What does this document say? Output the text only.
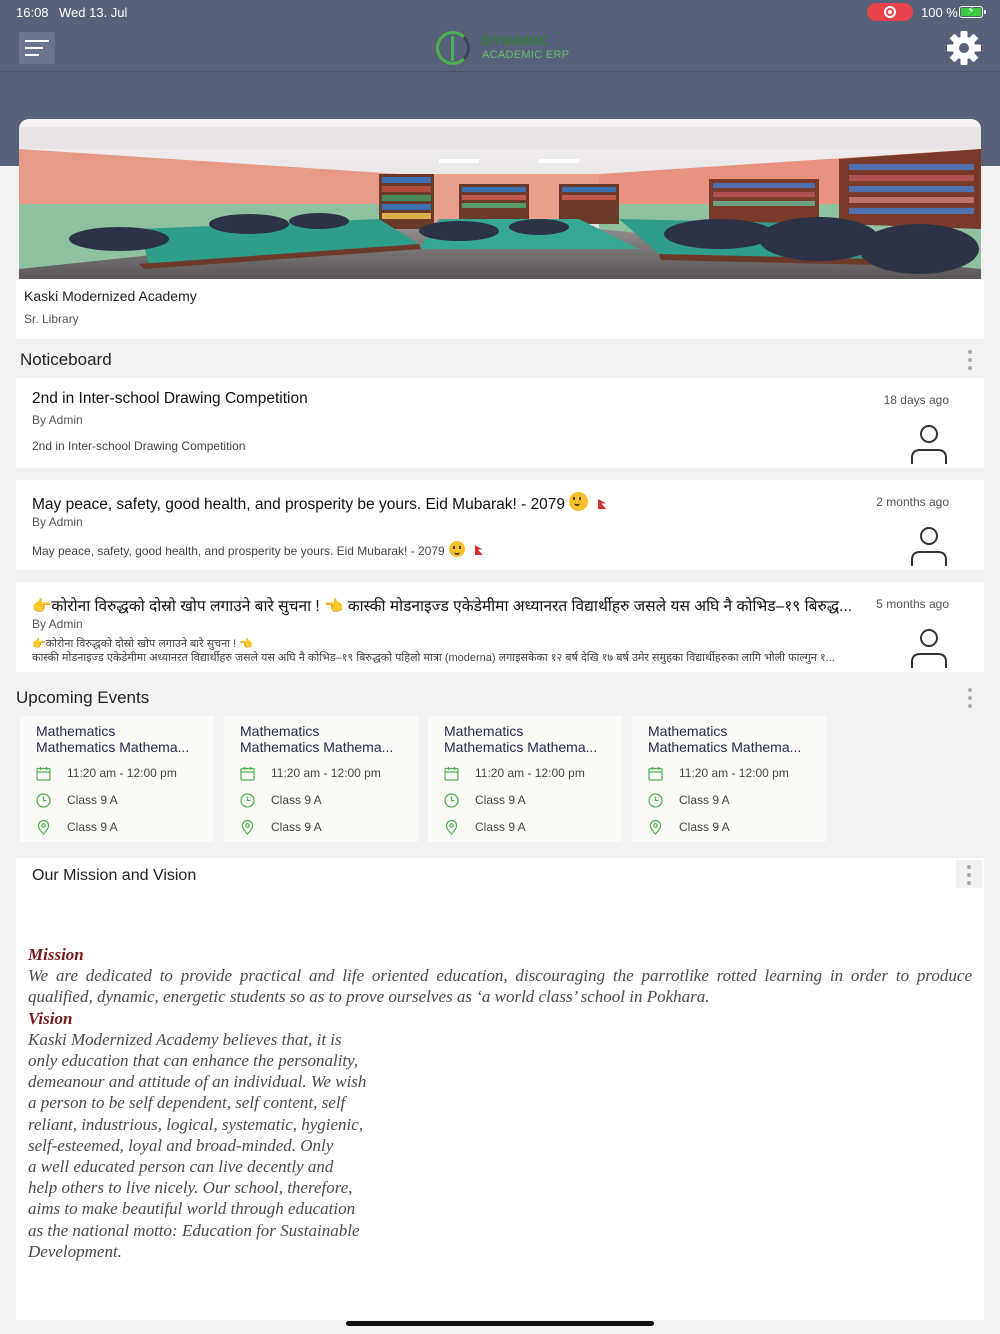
16:08 Wed 13. Jul	100 % ⚡
DYNAMIC
ACADEMIC ERP
Kaski Modernized Academy
Sr. Library
Noticeboard
2nd in Inter-school Drawing Competition
By Admin
2nd in Inter-school Drawing Competition
18 days ago
May peace, safety, good health, and prosperity be yours. Eid Mubarak! - 2079
By Admin
May peace, safety, good health, and prosperity be yours. Eid Mubarak! - 2079
2 months ago
👉कोरोना विरुद्धको दोस्रो खोप लगाउने बारे सुचना ! 👈 कास्की मोडनाइज्ड एकेडेमीमा अध्यानरत विद्यार्थीहरु जसले यस अघि नै कोभिड–१९ बिरुद्ध...
By Admin
👉कोरोना विरुद्धको दोस्रो खोप लगाउने बारे सुचना ! 👈
कास्की मोडनाइज्ड एकेडेमीमा अध्यानरत विद्यार्थीहरु जसले यस अघि नै कोभिड–१९ बिरुद्धको पहिलो मात्रा (moderna) लगाइसकेका १२ बर्ष देखि १७ बर्ष उमेर समुहका विद्यार्थीहरुका लागि भोली फाल्गुन १...
5 months ago
Upcoming Events
Mathematics
Mathematics Mathema...
11:20 am - 12:00 pm
Class 9 A
Class 9 A
Mathematics
Mathematics Mathema...
11:20 am - 12:00 pm
Class 9 A
Class 9 A
Mathematics
Mathematics Mathema...
11:20 am - 12:00 pm
Class 9 A
Class 9 A
Mathematics
Mathematics Mathema...
11:20 am - 12:00 pm
Class 9 A
Class 9 A
Our Mission and Vision
Mission
We are dedicated to provide practical and life oriented education, discouraging the parrotlike rotted learning in order to produce qualified, dynamic, energetic students so as to prove ourselves as ‘a world class’ school in Pokhara.
Vision
Kaski Modernized Academy believes that, it is
only education that can enhance the personality,
demeanour and attitude of an individual. We wish
a person to be self dependent, self content, self
reliant, industrious, logical, systematic, hygienic,
self-esteemed, loyal and broad-minded. Only
a well educated person can live decently and
help others to live nicely. Our school, therefore,
aims to make beautiful world through education
as the national motto: Education for Sustainable
Development.
